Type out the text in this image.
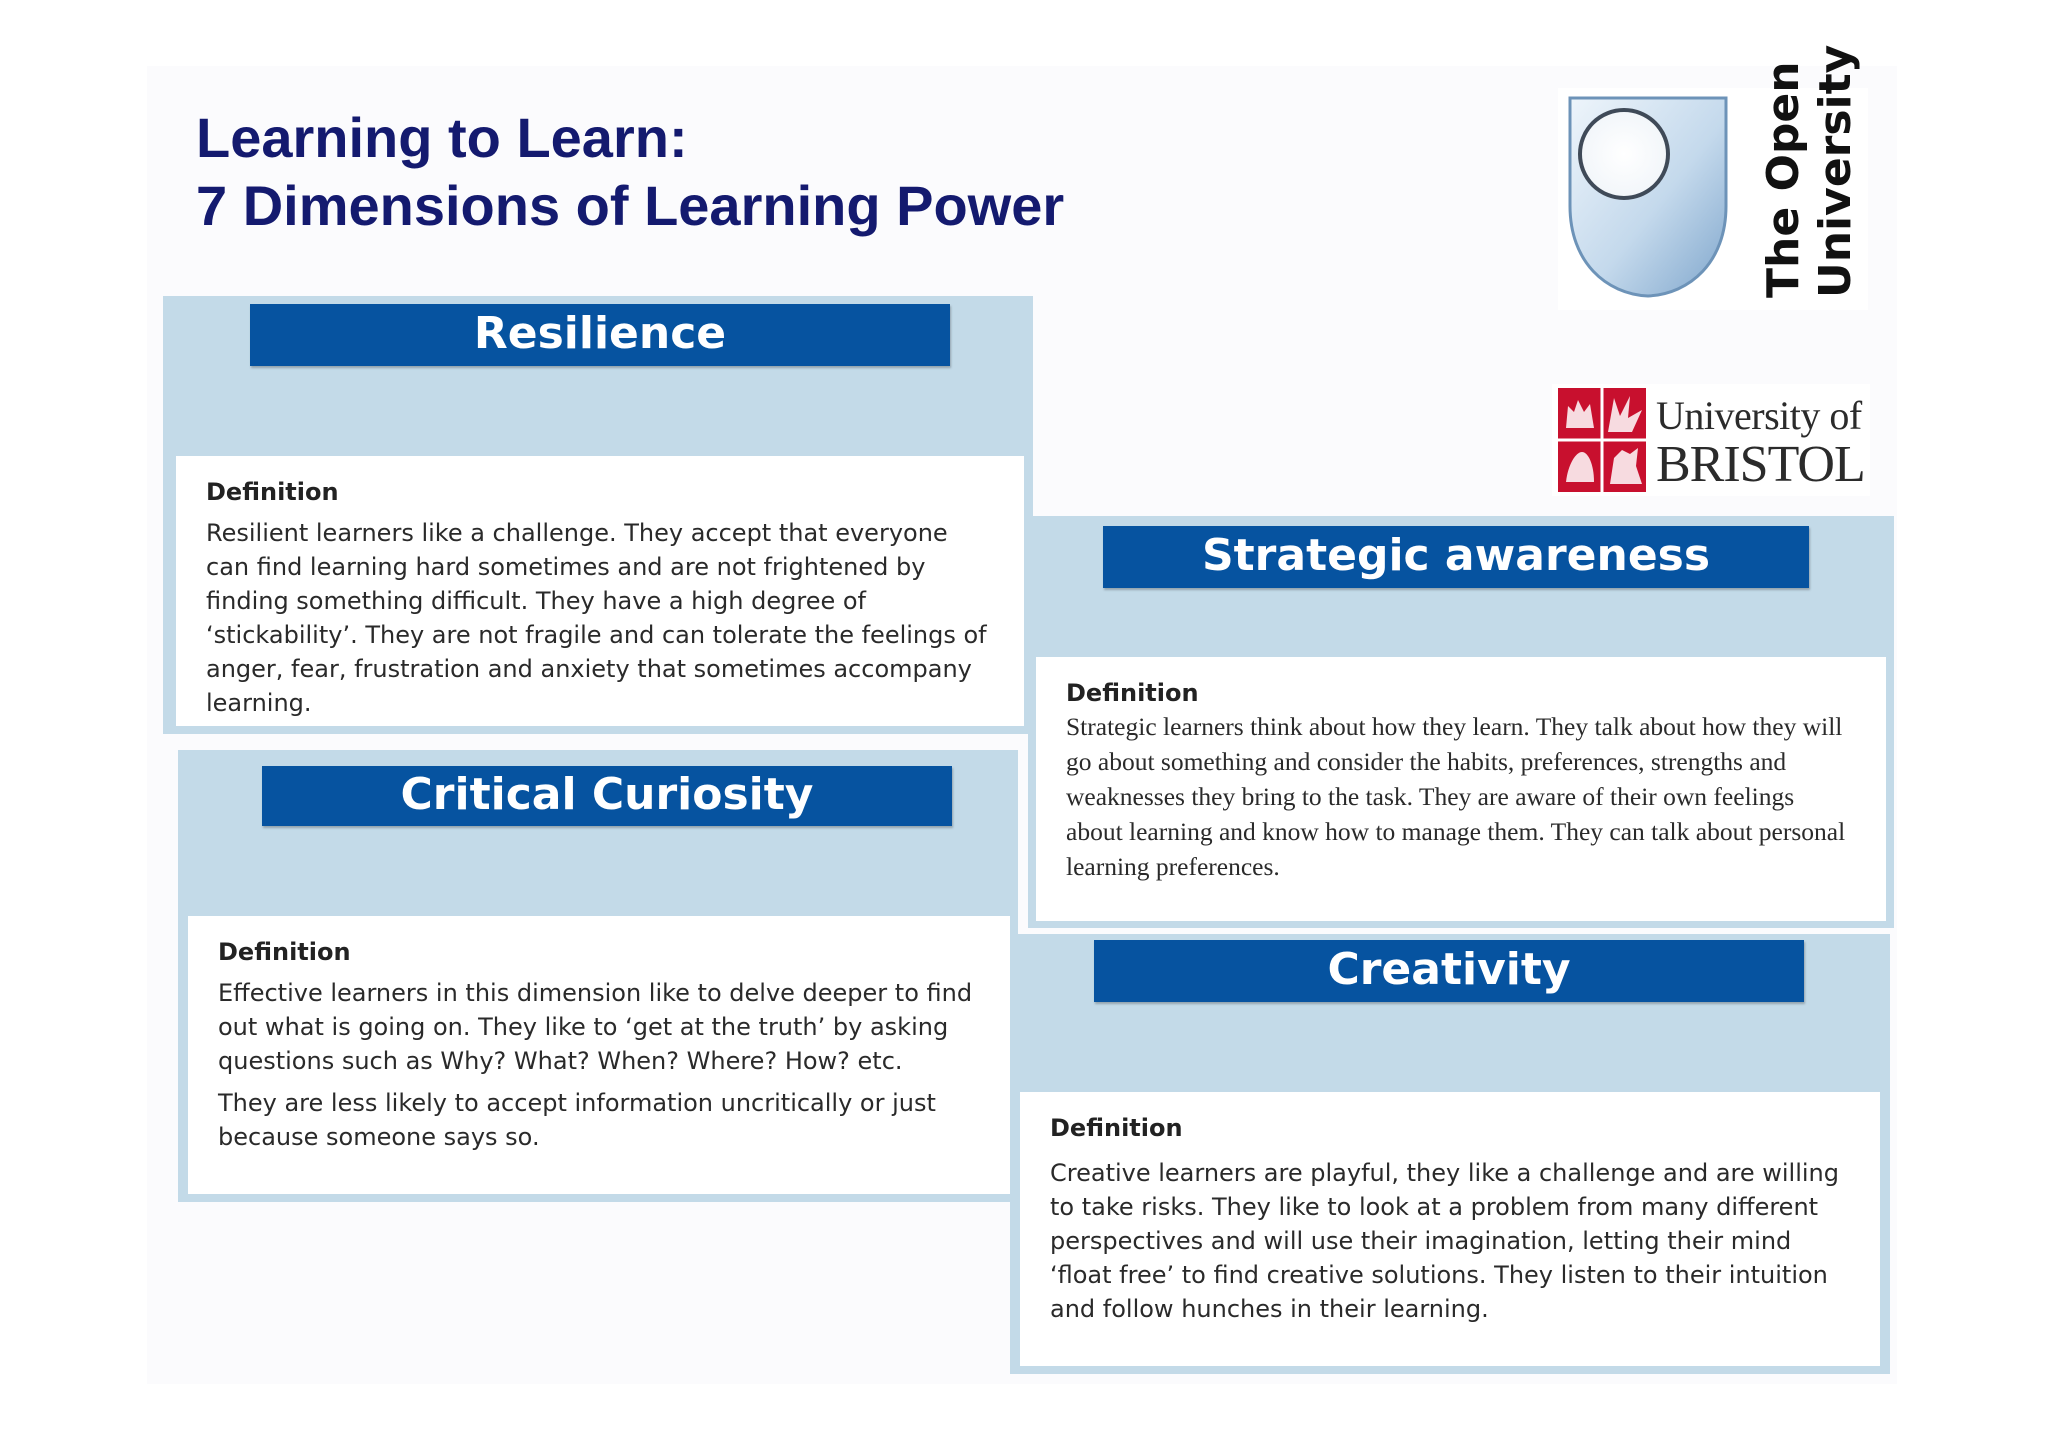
Learning to Learn:
7 Dimensions of Learning Power	The Open University
University of
BRISTOL
Resilience
Definition

Resilient learners like a challenge. They accept that everyone can find learning hard sometimes and are not frightened by finding something difficult. They have a high degree of ‘stickability’. They are not fragile and can tolerate the feelings of anger, fear, frustration and anxiety that sometimes accompany learning.

Strategic awareness
Definition

Strategic learners think about how they learn. They talk about how they will go about something and consider the habits, preferences, strengths and weaknesses they bring to the task. They are aware of their own feelings about learning and know how to manage them. They can talk about personal learning preferences.

Critical Curiosity
Definition

Effective learners in this dimension like to delve deeper to find out what is going on. They like to ‘get at the truth’ by asking questions such as Why? What? When? Where? How? etc.

They are less likely to accept information uncritically or just because someone says so.

Creativity
Definition

Creative learners are playful, they like a challenge and are willing to take risks. They like to look at a problem from many different perspectives and will use their imagination, letting their mind ‘float free’ to find creative solutions. They listen to their intuition and follow hunches in their learning.
